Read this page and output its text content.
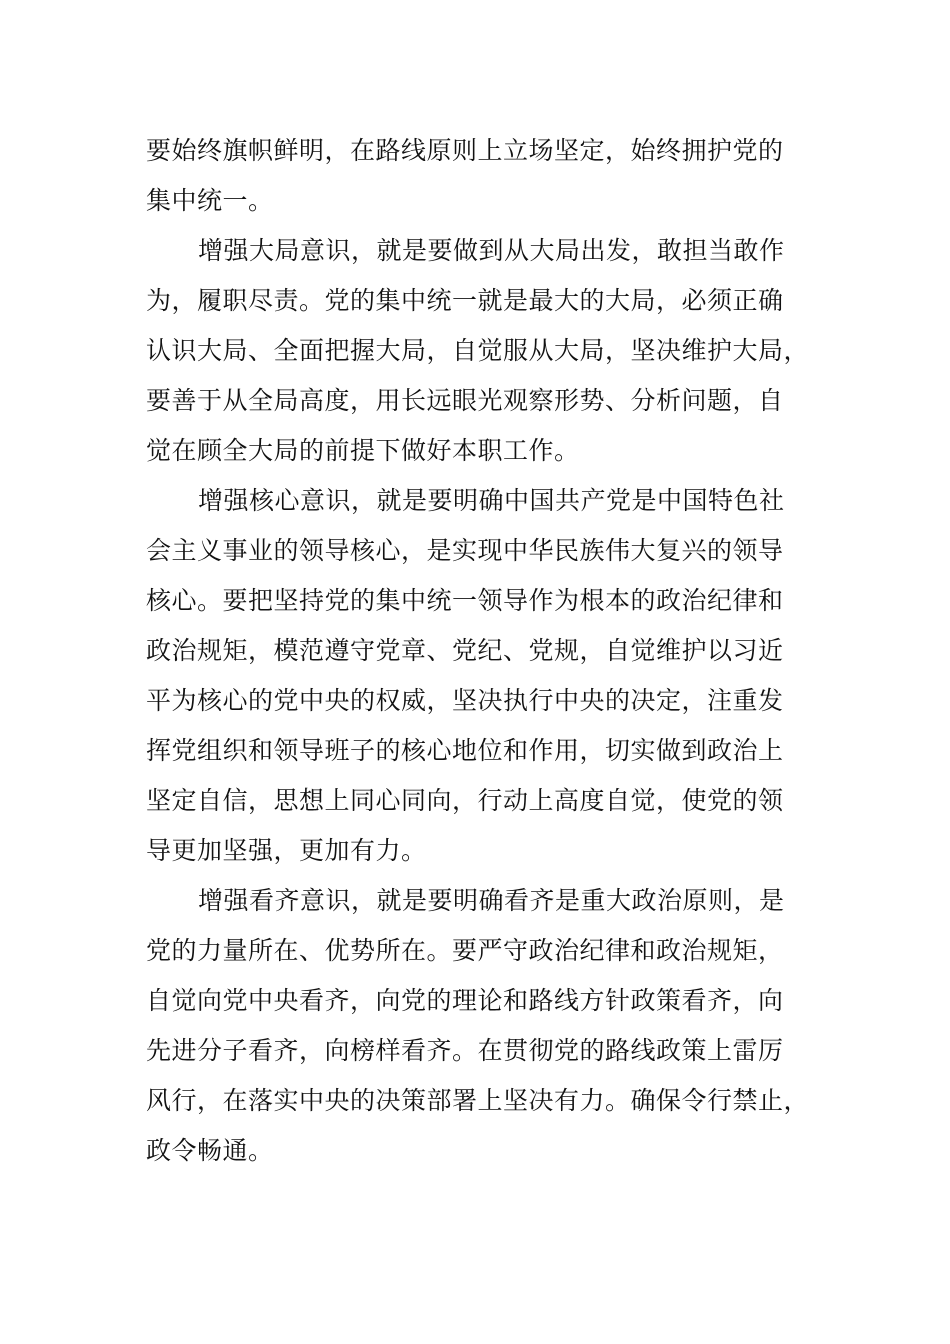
要始终旗帜鲜明，在路线原则上立场坚定，始终拥护党的
集中统一。
增强大局意识，就是要做到从大局出发，敢担当敢作
为，履职尽责。党的集中统一就是最大的大局，必须正确
认识大局、全面把握大局，自觉服从大局，坚决维护大局，
要善于从全局高度，用长远眼光观察形势、分析问题，自
觉在顾全大局的前提下做好本职工作。
增强核心意识，就是要明确中国共产党是中国特色社
会主义事业的领导核心，是实现中华民族伟大复兴的领导
核心。要把坚持党的集中统一领导作为根本的政治纪律和
政治规矩，模范遵守党章、党纪、党规，自觉维护以习近
平为核心的党中央的权威，坚决执行中央的决定，注重发
挥党组织和领导班子的核心地位和作用，切实做到政治上
坚定自信，思想上同心同向，行动上高度自觉，使党的领
导更加坚强，更加有力。
增强看齐意识，就是要明确看齐是重大政治原则，是
党的力量所在、优势所在。要严守政治纪律和政治规矩，
自觉向党中央看齐，向党的理论和路线方针政策看齐，向
先进分子看齐，向榜样看齐。在贯彻党的路线政策上雷厉
风行，在落实中央的决策部署上坚决有力。确保令行禁止，
政令畅通。
